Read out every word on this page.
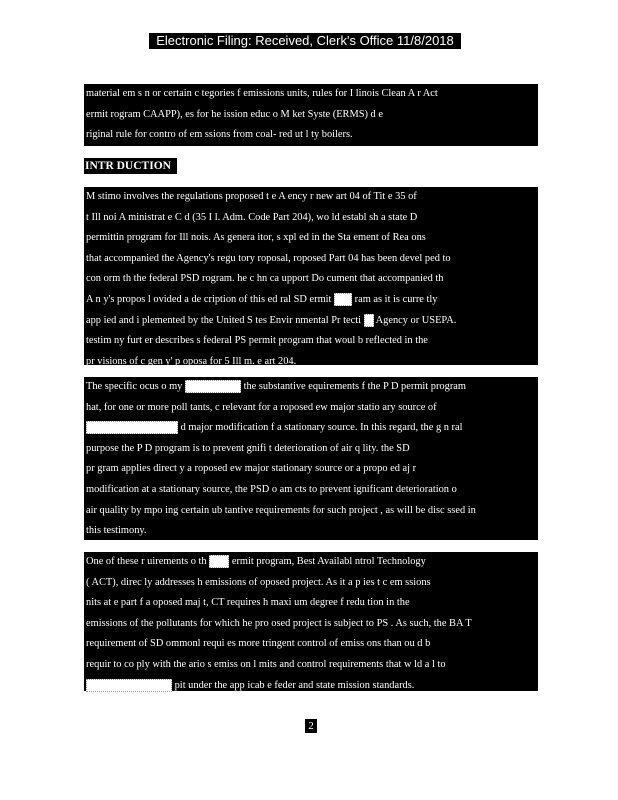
Electronic Filing: Received, Clerk's Office 11/8/2018
material em s n or certain c tegories f emissions units, rules for I linois Clean A r Act
ermit rogram CAAPP), es for he ission educ o M ket Syste (ERMS) d e
riginal rule for contro of em ssions from coal- red ut l ty boilers.
INTR DUCTION
M stimo involves the regulations proposed t e A ency r new art 04 of Tit e 35 of
t Ill noi A ministrat e C d (35 I l. Adm. Code Part 204), wo ld establ sh a state D
permittin program for Ill nois. As genera itor, s xpl ed in the Sta ement of Rea ons
that accompanied the Agency's regu tory roposal, roposed Part 04 has been devel ped to
con orm th the federal PSD rogram. he c hn ca upport Do cument that accompanied th
A n y's propos l ovided a de cription of this ed ral SD ermit ram as it is curre tly
app ied and i plemented by the United S tes Envir nmental Pr tecti Agency or USEPA.
testim ny furt er describes s federal PS permit program that woul b reflected in the
pr visions of c gen y' p oposa for 5 Ill m. e art 204.
The specific ocus o my	the substantive equirements f the P D permit program
hat, for one or more poll tants, c relevant for a roposed ew major statio ary source of
d major modification f a stationary source. In this regard, the g n ral
purpose the P D program is to prevent gnifi t deterioration of air q lity. the SD
pr gram applies direct y a roposed ew major stationary source or a propo ed aj r
modification at a stationary source, the PSD o am cts to prevent ignificant deterioration o
air quality by mpo ing certain ub tantive requirements for such project , as will be disc ssed in
this testimony.
One of these r uirements o th ermit program, Best Availabl ntrol Technology
( ACT), direc ly addresses h emissions of oposed project. As it a p ies t c em ssions
nits at e part f a oposed maj t, CT requires h maxi um degree f redu tion in the
emissions of the pollutants for which he pro osed project is subject to PS . As such, the BA T
requirement of SD ommonl requi es more tringent control of emiss ons than ou d b
requir to co ply with the ario s emiss on l mits and control requirements that w ld a l to
pit under the app icab e feder and state mission standards.
2
